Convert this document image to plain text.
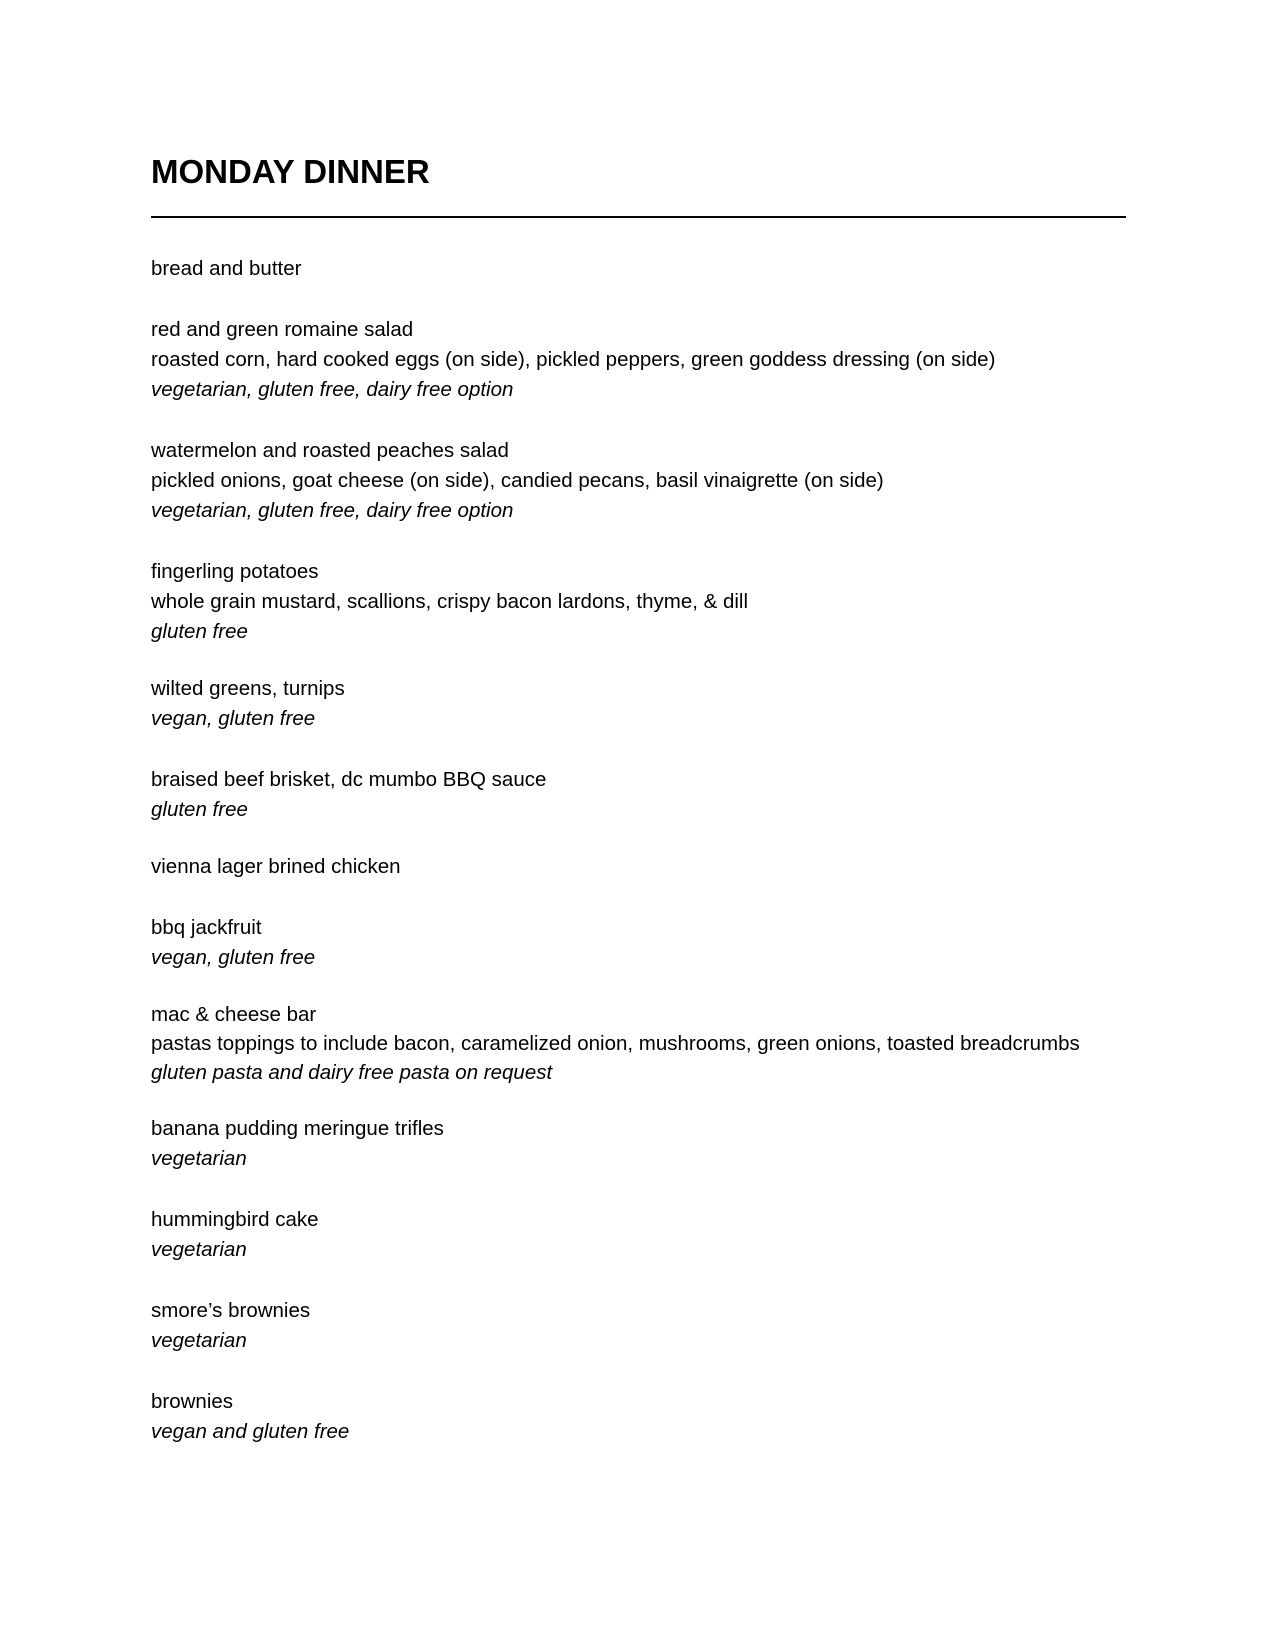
MONDAY DINNER
bread and butter
red and green romaine salad
roasted corn, hard cooked eggs (on side), pickled peppers, green goddess dressing (on side)
vegetarian, gluten free, dairy free option
watermelon and roasted peaches salad
pickled onions, goat cheese (on side), candied pecans, basil vinaigrette (on side)
vegetarian, gluten free, dairy free option
fingerling potatoes
whole grain mustard, scallions, crispy bacon lardons, thyme, & dill
gluten free
wilted greens, turnips
vegan, gluten free
braised beef brisket, dc mumbo BBQ sauce
gluten free
vienna lager brined chicken
bbq jackfruit
vegan, gluten free
mac & cheese bar
pastas toppings to include bacon, caramelized onion, mushrooms, green onions, toasted breadcrumbs
gluten pasta and dairy free pasta on request
banana pudding meringue trifles
vegetarian
hummingbird cake
vegetarian
smore’s brownies
vegetarian
brownies
vegan and gluten free
